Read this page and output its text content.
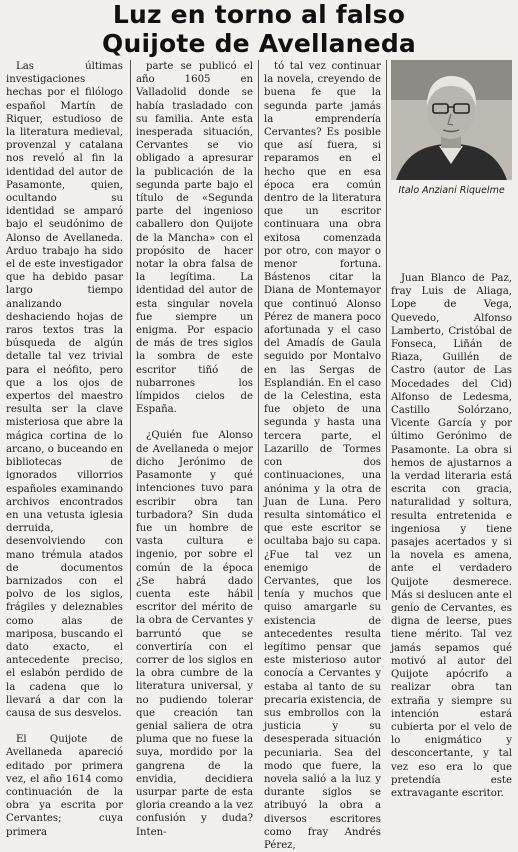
Luz en torno al falso
Quijote de Avellaneda

Las últimas investigaciones hechas por el filólogo español Martín de Riquer, estudioso de la literatura medieval, provenzal y catalana nos reveló al fin la identidad del autor de Pasamonte, quien, ocultando su identidad se amparó bajo el seudónimo de Alonso de Avellaneda. Arduo trabajo ha sido el de este investigador que ha debido pasar largo tiempo analizando deshaciendo hojas de raros textos tras la búsqueda de algún detalle tal vez trivial para el neófito, pero que a los ojos de expertos del maestro resulta ser la clave misteriosa que abre la mágica cortina de lo arcano, o buceando en bibliotecas de ignorados villorrios españoles examinando archivos encontrados en una vetusta iglesia derruida, desenvolviendo con mano trémula atados de documentos barnizados con el polvo de los siglos, frágiles y deleznables como alas de mariposa, buscando el dato exacto, el antecedente preciso, el eslabón perdido de la cadena que lo llevará a dar con la causa de sus desvelos.

El Quijote de Avellaneda apareció editado por primera vez, el año 1614 como continuación de la obra ya escrita por Cervantes; cuya primera

parte se publicó el año 1605 en Valladolid donde se había trasladado con su familia. Ante esta inesperada situación, Cervantes se vio obligado a apresurar la publicación de la segunda parte bajo el título de «Segunda parte del ingenioso caballero don Quijote de la Mancha» con el propósito de hacer notar la obra falsa de la legítima. La identidad del autor de esta singular novela fue siempre un enigma. Por espacio de más de tres siglos la sombra de este escritor tiñó de nubarrones los límpidos cielos de España.

¿Quién fue Alonso de Avellaneda o mejor dicho Jerónimo de Pasamonte y qué intenciones tuvo para escribir obra tan turbadora? Sin duda fue un hombre de vasta cultura e ingenio, por sobre el común de la época ¿Se habrá dado cuenta este hábil escritor del mérito de la obra de Cervantes y barruntó que se convertiría con el correr de los siglos en la obra cumbre de la literatura universal, y no pudiendo tolerar que creación tan genial saliera de otra pluma que no fuese la suya, mordido por la gangrena de la envidia, decidiera usurpar parte de esta gloria creando a la vez confusión y duda? Inten-

tó tal vez continuar la novela, creyendo de buena fe que la segunda parte jamás la emprendería Cervantes? Es posible que así fuera, si reparamos en el hecho que en esa época era común dentro de la literatura que un escritor continuara una obra exitosa comenzada por otro, con mayor o menor fortuna. Bástenos citar la Diana de Montemayor que continuó Alonso Pérez de manera poco afortunada y el caso del Amadís de Gaula seguido por Montalvo en las Sergas de Esplandián. En el caso de la Celestina, esta fue objeto de una segunda y hasta una tercera parte, el Lazarillo de Tormes con dos continuaciones, una anónima y la otra de Juan de Luna. Pero resulta sintomático el que este escritor se ocultaba bajo su capa. ¿Fue tal vez un enemigo de Cervantes, que los tenía y muchos que quiso amargarle su existencia de antecedentes resulta legítimo pensar que este misterioso autor conocía a Cervantes y estaba al tanto de su precaria existencia, de sus embrollos con la justicia y su desesperada situación pecuniaria. Sea del modo que fuere, la novela salió a la luz y durante siglos se atribuyó la obra a diversos escritores como fray Andrés Pérez,

Italo Anziani Riquelme

Juan Blanco de Paz, fray Luis de Aliaga, Lope de Vega, Quevedo, Alfonso Lamberto, Cristóbal de Fonseca, Liñán de Riaza, Guillén de Castro (autor de Las Mocedades del Cid) Alfonso de Ledesma, Castillo Solórzano, Vicente García y por último Gerónimo de Pasamonte. La obra si hemos de ajustarnos a la verdad literaria está escrita con gracia, naturalidad y soltura, resulta entretenida e ingeniosa y tiene pasajes acertados y si la novela es amena, ante el verdadero Quijote desmerece. Más si deslucen ante el genio de Cervantes, es digna de leerse, pues tiene mérito. Tal vez jamás sepamos qué motivó al autor del Quijote apócrifo a realizar obra tan extraña y siempre su intención estará cubierta por el velo de lo enigmático y desconcertante, y tal vez eso era lo que pretendía este extravagante escritor.
